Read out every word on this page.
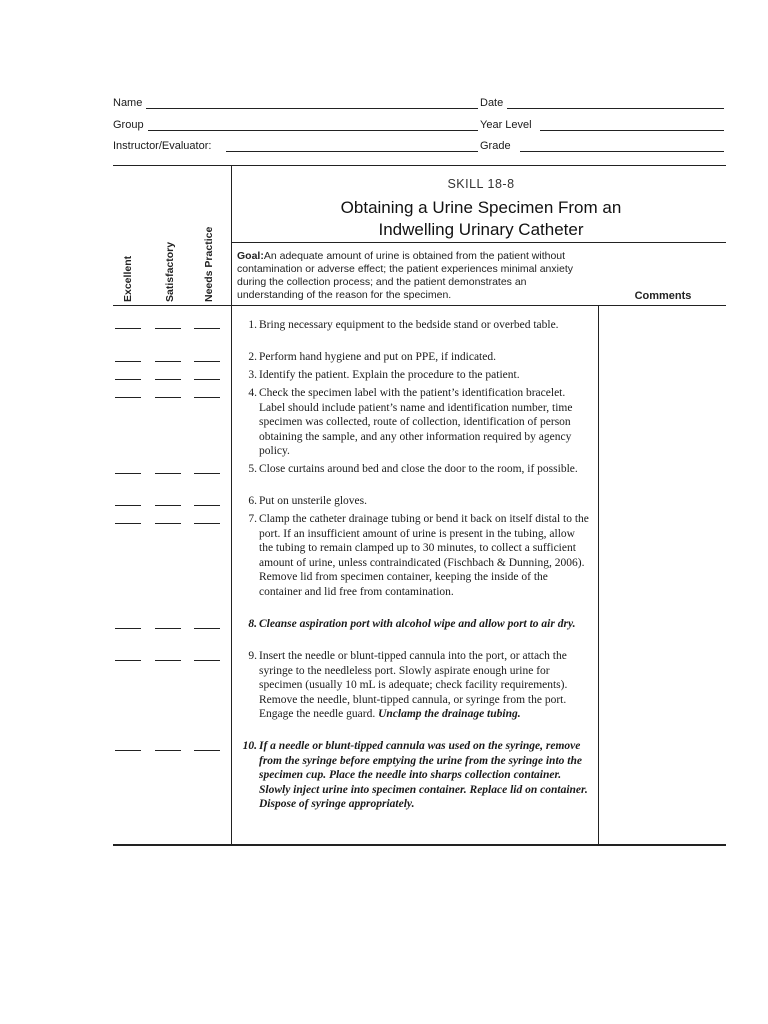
Name	Date
Group	Year Level
Instructor/Evaluator:	Grade
Excellent	Satisfactory	Needs Practice
SKILL 18-8
Obtaining a Urine Specimen From an
Indwelling Urinary Catheter
Goal:An adequate amount of urine is obtained from the patient without contamination or adverse effect; the patient experiences minimal anxiety during the collection process; and the patient demonstrates an understanding of the reason for the specimen.	Comments
1. Bring necessary equipment to the bedside stand or overbed table.
2. Perform hand hygiene and put on PPE, if indicated.
3. Identify the patient. Explain the procedure to the patient.
4. Check the specimen label with the patient’s identification bracelet. Label should include patient’s name and identification number, time specimen was collected, route of collection, identification of person obtaining the sample, and any other information required by agency policy.
5. Close curtains around bed and close the door to the room, if possible.
6. Put on unsterile gloves.
7. Clamp the catheter drainage tubing or bend it back on itself distal to the port. If an insufficient amount of urine is present in the tubing, allow the tubing to remain clamped up to 30 minutes, to collect a sufficient amount of urine, unless contraindicated (Fischbach & Dunning, 2006). Remove lid from specimen container, keeping the inside of the container and lid free from contamination.
8. Cleanse aspiration port with alcohol wipe and allow port to air dry.
9. Insert the needle or blunt-tipped cannula into the port, or attach the syringe to the needleless port. Slowly aspirate enough urine for specimen (usually 10 mL is adequate; check facility requirements). Remove the needle, blunt-tipped cannula, or syringe from the port. Engage the needle guard. Unclamp the drainage tubing.
10. If a needle or blunt-tipped cannula was used on the syringe, remove from the syringe before emptying the urine from the syringe into the specimen cup. Place the needle into sharps collection container. Slowly inject urine into specimen container. Replace lid on container. Dispose of syringe appropriately.
